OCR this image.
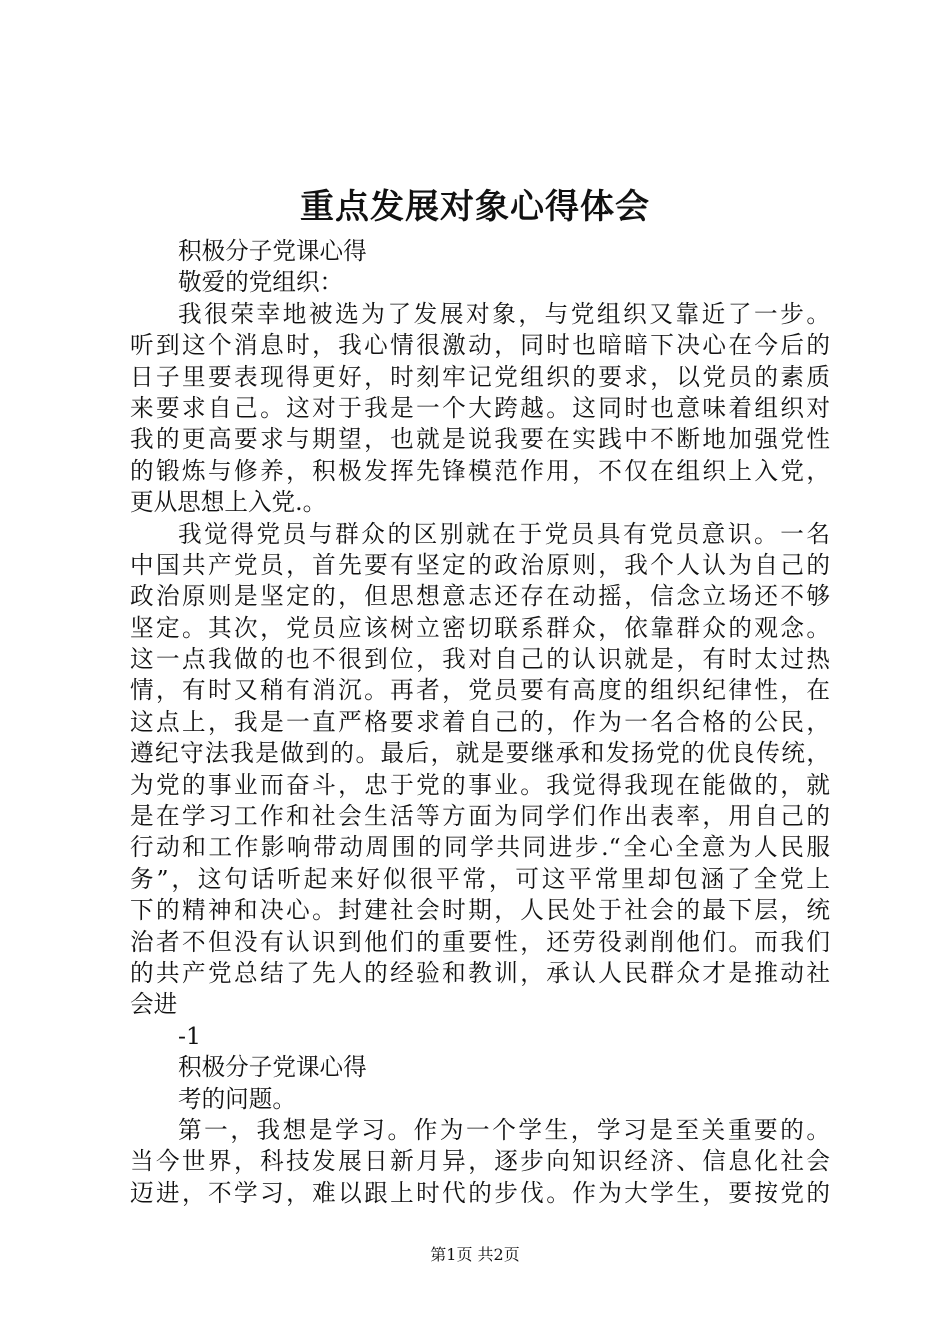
重点发展对象心得体会
积极分子党课心得
敬爱的党组织：
我很荣幸地被选为了发展对象，与党组织又靠近了一步。
听到这个消息时，我心情很激动，同时也暗暗下决心在今后的
日子里要表现得更好，时刻牢记党组织的要求，以党员的素质
来要求自己。这对于我是一个大跨越。这同时也意味着组织对
我的更高要求与期望，也就是说我要在实践中不断地加强党性
的锻炼与修养，积极发挥先锋模范作用，不仅在组织上入党，
更从思想上入党.。
我觉得党员与群众的区别就在于党员具有党员意识。一名
中国共产党员，首先要有坚定的政治原则，我个人认为自己的
政治原则是坚定的，但思想意志还存在动摇，信念立场还不够
坚定。其次，党员应该树立密切联系群众，依靠群众的观念。
这一点我做的也不很到位，我对自己的认识就是，有时太过热
情，有时又稍有消沉。再者，党员要有高度的组织纪律性，在
这点上，我是一直严格要求着自己的，作为一名合格的公民，
遵纪守法我是做到的。最后，就是要继承和发扬党的优良传统，
为党的事业而奋斗，忠于党的事业。我觉得我现在能做的，就
是在学习工作和社会生活等方面为同学们作出表率，用自己的
行动和工作影响带动周围的同学共同进步.“全心全意为人民服
务”，这句话听起来好似很平常，可这平常里却包涵了全党上
下的精神和决心。封建社会时期，人民处于社会的最下层，统
治者不但没有认识到他们的重要性，还劳役剥削他们。而我们
的共产党总结了先人的经验和教训，承认人民群众才是推动社
会进
-1
积极分子党课心得
考的问题。
第一，我想是学习。作为一个学生，学习是至关重要的。
当今世界，科技发展日新月异，逐步向知识经济、信息化社会
迈进，不学习，难以跟上时代的步伐。作为大学生，要按党的
第1页 共2页
